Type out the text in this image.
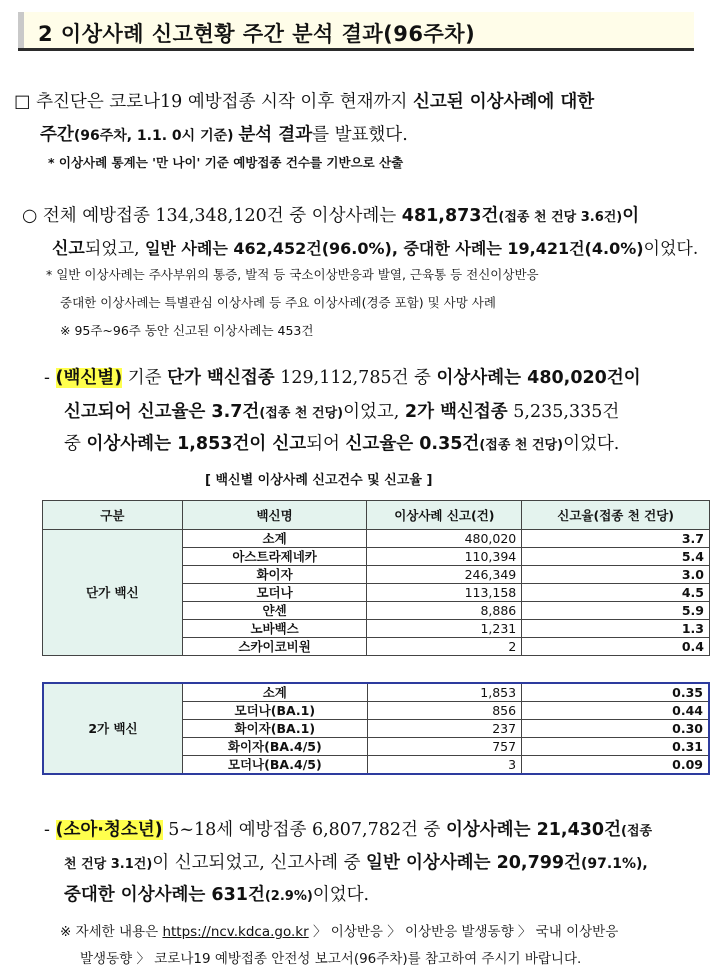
2 이상사례 신고현황 주간 분석 결과(96주차)
□ 추진단은 코로나19 예방접종 시작 이후 현재까지 신고된 이상사례에 대한
주간(96주차, 1.1. 0시 기준) 분석 결과를 발표했다.
* 이상사례 통계는 '만 나이' 기준 예방접종 건수를 기반으로 산출
○ 전체 예방접종 134,348,120건 중 이상사례는 481,873건(접종 천 건당 3.6건)이
신고되었고, 일반 사례는 462,452건(96.0%), 중대한 사례는 19,421건(4.0%)이었다.
* 일반 이상사례는 주사부위의 통증, 발적 등 국소이상반응과 발열, 근육통 등 전신이상반응
중대한 이상사례는 특별관심 이상사례 등 주요 이상사례(경증 포함) 및 사망 사례
※ 95주~96주 동안 신고된 이상사례는 453건
- (백신별) 기준 단가 백신접종 129,112,785건 중 이상사례는 480,020건이
신고되어 신고율은 3.7건(접종 천 건당)이었고, 2가 백신접종 5,235,335건
중 이상사례는 1,853건이 신고되어 신고율은 0.35건(접종 천 건당)이었다.
[ 백신별 이상사례 신고건수 및 신고율 ]
구분	백신명	이상사례 신고(건)	신고율(접종 천 건당)
단가 백신	소계	480,020	3.7
	아스트라제네카	110,394	5.4
	화이자	246,349	3.0
	모더나	113,158	4.5
	얀센	8,886	5.9
	노바백스	1,231	1.3
	스카이코비원	2	0.4
2가 백신	소계	1,853	0.35
	모더나(BA.1)	856	0.44
	화이자(BA.1)	237	0.30
	화이자(BA.4/5)	757	0.31
	모더나(BA.4/5)	3	0.09
- (소아·청소년) 5~18세 예방접종 6,807,782건 중 이상사례는 21,430건(접종
천 건당 3.1건)이 신고되었고, 신고사례 중 일반 이상사례는 20,799건(97.1%),
중대한 이상사례는 631건(2.9%)이었다.
※ 자세한 내용은 https://ncv.kdca.go.kr 〉 이상반응 〉 이상반응 발생동향 〉 국내 이상반응
발생동향 〉 코로나19 예방접종 안전성 보고서(96주차)를 참고하여 주시기 바랍니다.
